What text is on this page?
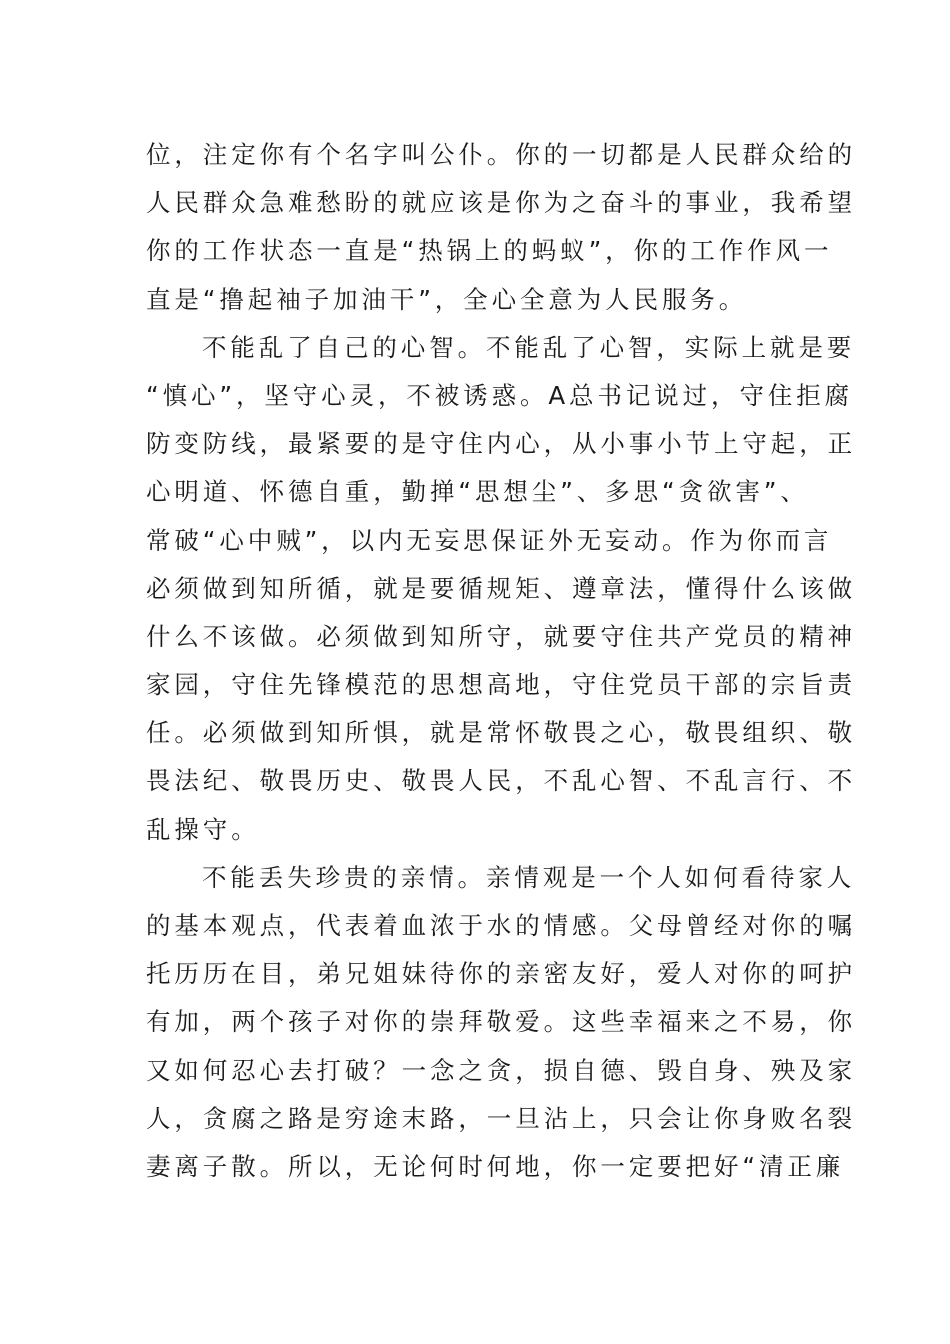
位，注定你有个名字叫公仆。你的一切都是人民群众给的
人民群众急难愁盼的就应该是你为之奋斗的事业，我希望
你的工作状态一直是“热锅上的蚂蚁”，你的工作作风一
直是“撸起袖子加油干”，全心全意为人民服务。
不能乱了自己的心智。不能乱了心智，实际上就是要
“慎心”，坚守心灵，不被诱惑。A总书记说过，守住拒腐
防变防线，最紧要的是守住内心，从小事小节上守起，正
心明道、怀德自重，勤掸“思想尘”、多思“贪欲害”、
常破“心中贼”，以内无妄思保证外无妄动。作为你而言
必须做到知所循，就是要循规矩、遵章法，懂得什么该做
什么不该做。必须做到知所守，就要守住共产党员的精神
家园，守住先锋模范的思想高地，守住党员干部的宗旨责
任。必须做到知所惧，就是常怀敬畏之心，敬畏组织、敬
畏法纪、敬畏历史、敬畏人民，不乱心智、不乱言行、不
乱操守。
不能丢失珍贵的亲情。亲情观是一个人如何看待家人
的基本观点，代表着血浓于水的情感。父母曾经对你的嘱
托历历在目，弟兄姐妹待你的亲密友好，爱人对你的呵护
有加，两个孩子对你的崇拜敬爱。这些幸福来之不易，你
又如何忍心去打破？一念之贪，损自德、毁自身、殃及家
人，贪腐之路是穷途末路，一旦沾上，只会让你身败名裂
妻离子散。所以，无论何时何地，你一定要把好“清正廉
